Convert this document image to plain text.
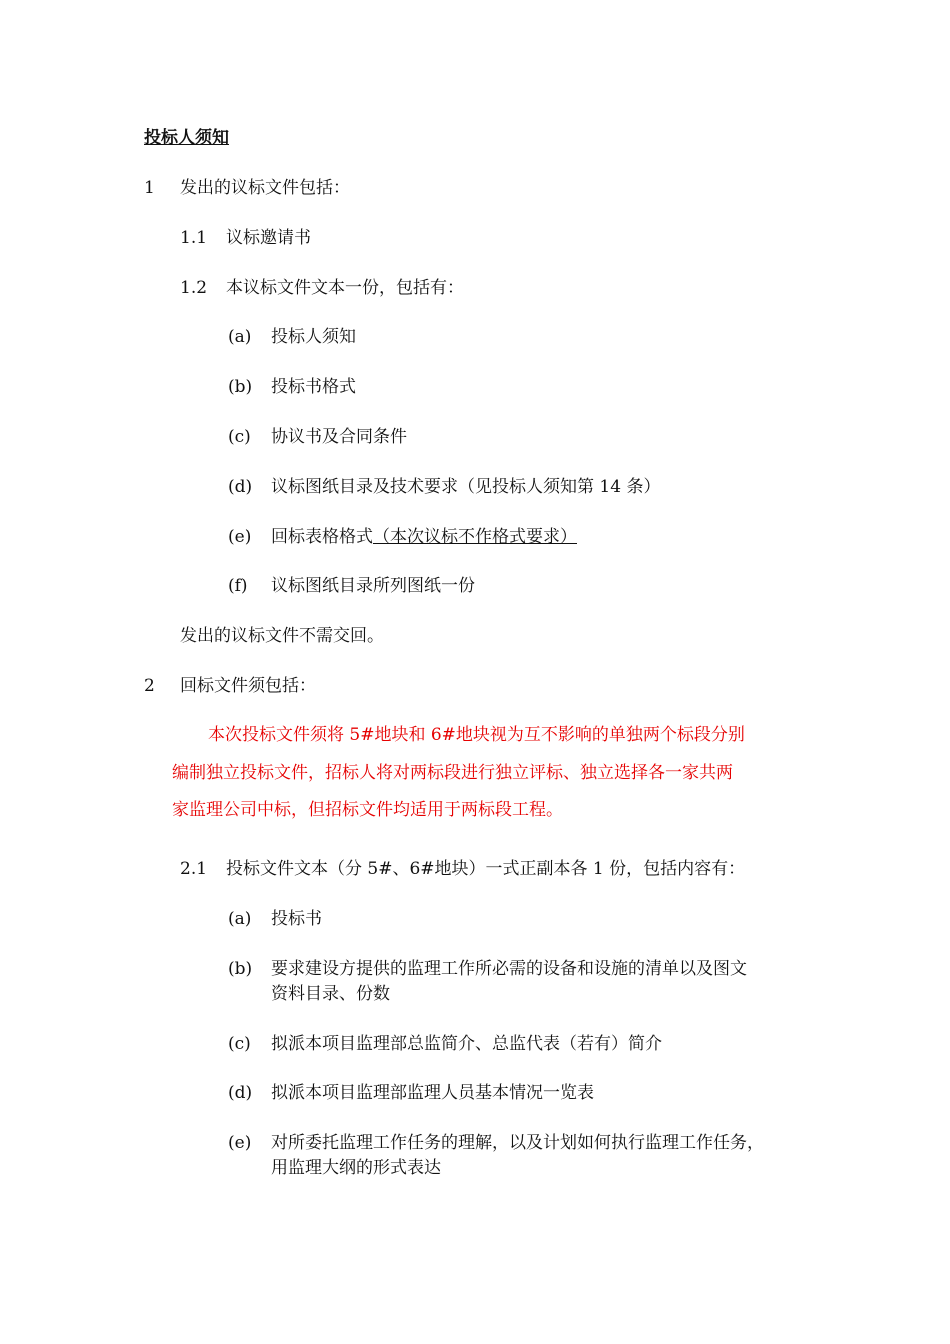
投标人须知
1 发出的议标文件包括：
1.1 议标邀请书
1.2 本议标文件文本一份，包括有：
(a) 投标人须知
(b) 投标书格式
(c) 协议书及合同条件
(d) 议标图纸目录及技术要求（见投标人须知第 14 条）
(e) 回标表格格式（本次议标不作格式要求）
(f) 议标图纸目录所列图纸一份
发出的议标文件不需交回。
2 回标文件须包括：
本次投标文件须将 5#地块和 6#地块视为互不影响的单独两个标段分别
编制独立投标文件，招标人将对两标段进行独立评标、独立选择各一家共两
家监理公司中标，但招标文件均适用于两标段工程。
2.1 投标文件文本（分 5#、6#地块）一式正副本各 1 份，包括内容有：
(a) 投标书
(b) 要求建设方提供的监理工作所必需的设备和设施的清单以及图文
资料目录、份数
(c) 拟派本项目监理部总监简介、总监代表（若有）简介
(d) 拟派本项目监理部监理人员基本情况一览表
(e) 对所委托监理工作任务的理解，以及计划如何执行监理工作任务，
用监理大纲的形式表达
